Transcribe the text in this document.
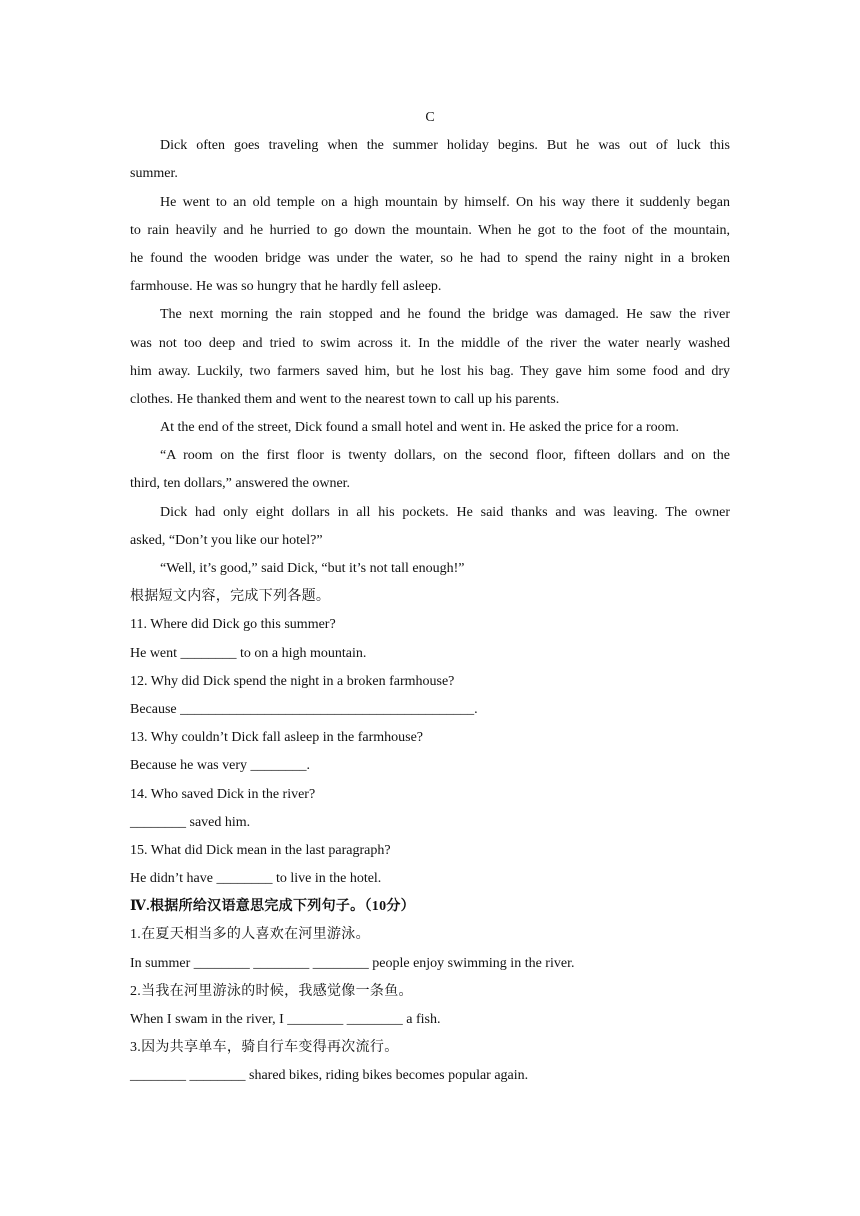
C
Dick often goes traveling when the summer holiday begins. But he was out of luck this
summer.
He went to an old temple on a high mountain by himself. On his way there it suddenly began
to rain heavily and he hurried to go down the mountain. When he got to the foot of the mountain,
he found the wooden bridge was under the water, so he had to spend the rainy night in a broken
farmhouse. He was so hungry that he hardly fell asleep.
The next morning the rain stopped and he found the bridge was damaged. He saw the river
was not too deep and tried to swim across it. In the middle of the river the water nearly washed
him away. Luckily, two farmers saved him, but he lost his bag. They gave him some food and dry
clothes. He thanked them and went to the nearest town to call up his parents.
At the end of the street, Dick found a small hotel and went in. He asked the price for a room.
“A room on the first floor is twenty dollars, on the second floor, fifteen dollars and on the
third, ten dollars,” answered the owner.
Dick had only eight dollars in all his pockets. He said thanks and was leaving. The owner
asked, “Don’t you like our hotel?”
“Well, it’s good,” said Dick, “but it’s not tall enough!”
根据短文内容，完成下列各题。
11. Where did Dick go this summer?
He went ________ to on a high mountain.
12. Why did Dick spend the night in a broken farmhouse?
Because __________________________________________.
13. Why couldn’t Dick fall asleep in the farmhouse?
Because he was very ________.
14. Who saved Dick in the river?
________ saved him.
15. What did Dick mean in the last paragraph?
He didn’t have ________ to live in the hotel.
Ⅳ.根据所给汉语意思完成下列句子。（10分）
1.在夏天相当多的人喜欢在河里游泳。
In summer ________ ________ ________ people enjoy swimming in the river.
2.当我在河里游泳的时候，我感觉像一条鱼。
When I swam in the river, I ________ ________ a fish.
3.因为共享单车，骑自行车变得再次流行。
________ ________ shared bikes, riding bikes becomes popular again.
